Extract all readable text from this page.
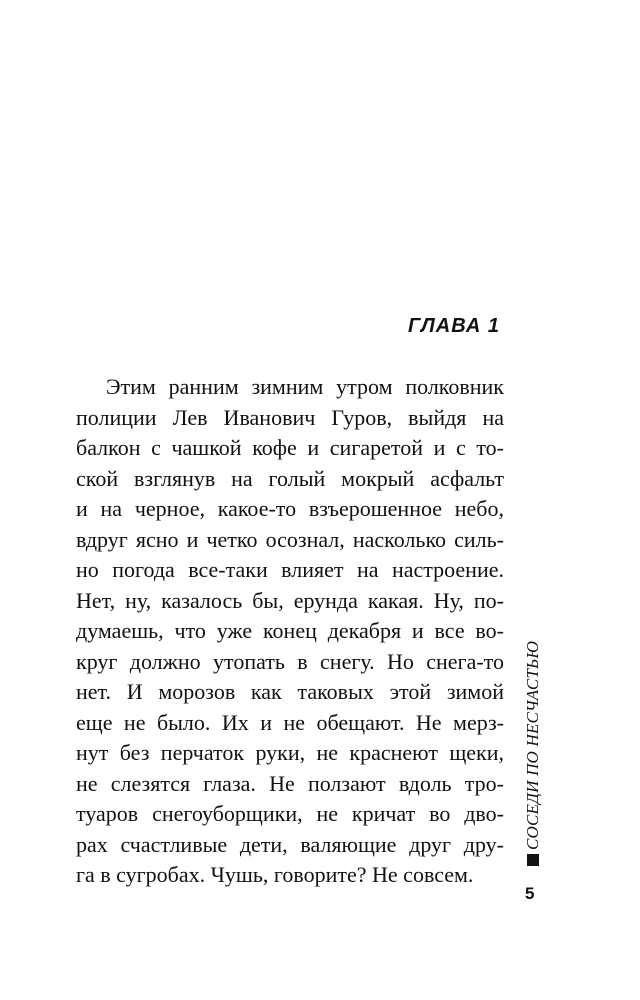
ГЛАВА 1
Этим ранним зимним утром полковник
полиции Лев Иванович Гуров, выйдя на
балкон с чашкой кофе и сигаретой и с то-
ской взглянув на голый мокрый асфальт
и на черное, какое-то взъерошенное небо,
вдруг ясно и четко осознал, насколько силь-
но погода все-таки влияет на настроение.
Нет, ну, казалось бы, ерунда какая. Ну, по-
думаешь, что уже конец декабря и все во-
круг должно утопать в снегу. Но снега-то
нет. И морозов как таковых этой зимой
еще не было. Их и не обещают. Не мерз-
нут без перчаток руки, не краснеют щеки,
не слезятся глаза. Не ползают вдоль тро-
туаров снегоуборщики, не кричат во дво-
рах счастливые дети, валяющие друг дру-
га в сугробах. Чушь, говорите? Не совсем.
СОСЕДИ ПО НЕСЧАСТЬЮ
5
